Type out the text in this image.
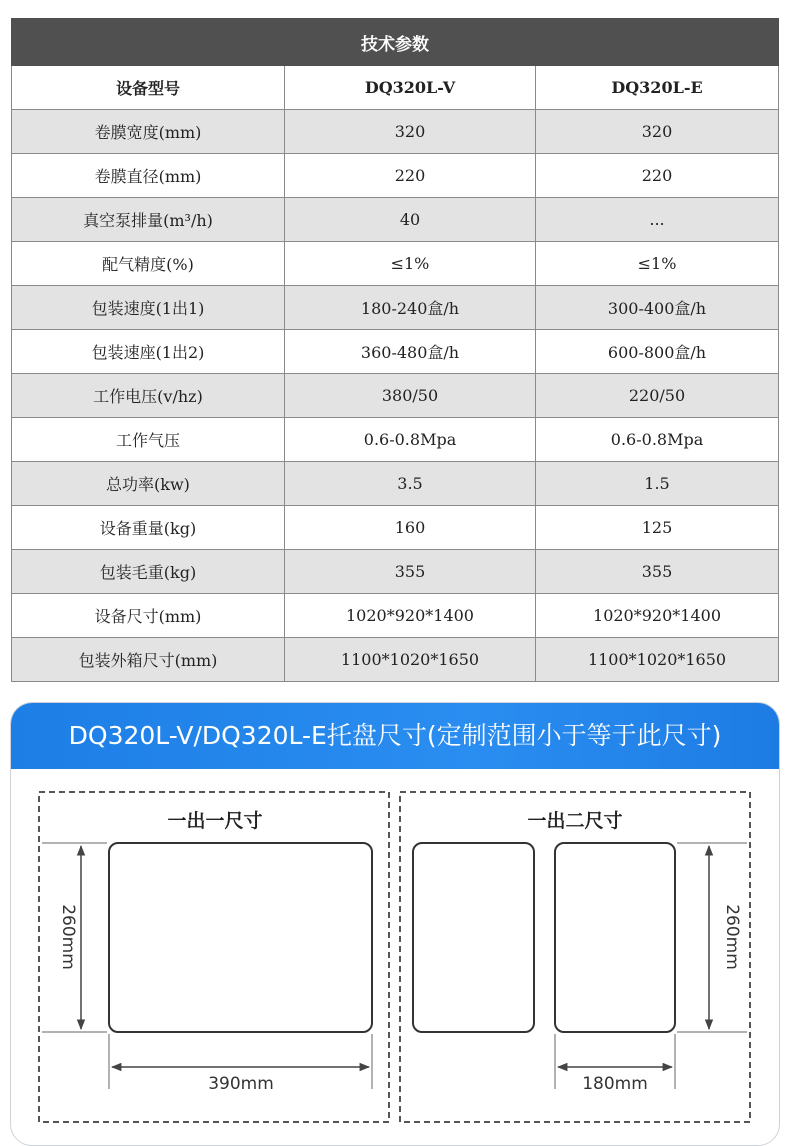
技术参数		
设备型号	DQ320L-V	DQ320L-E
卷膜宽度(mm)	320	320
卷膜直径(mm)	220	220
真空泵排量(m³/h)	40	...
配气精度(%)	≤1%	≤1%
包装速度(1出1)	180-240盒/h	300-400盒/h
包装速座(1出2)	360-480盒/h	600-800盒/h
工作电压(v/hz)	380/50	220/50
工作气压	0.6-0.8Mpa	0.6-0.8Mpa
总功率(kw)	3.5	1.5
设备重量(kg)	160	125
包装毛重(kg)	355	355
设备尺寸(mm)	1020*920*1400	1020*920*1400
包装外箱尺寸(mm)	1100*1020*1650	1100*1020*1650
DQ320L-V/DQ320L-E托盘尺寸(定制范围小于等于此尺寸)
一出一尺寸
260mm
390mm
一出二尺寸
260mm
180mm
